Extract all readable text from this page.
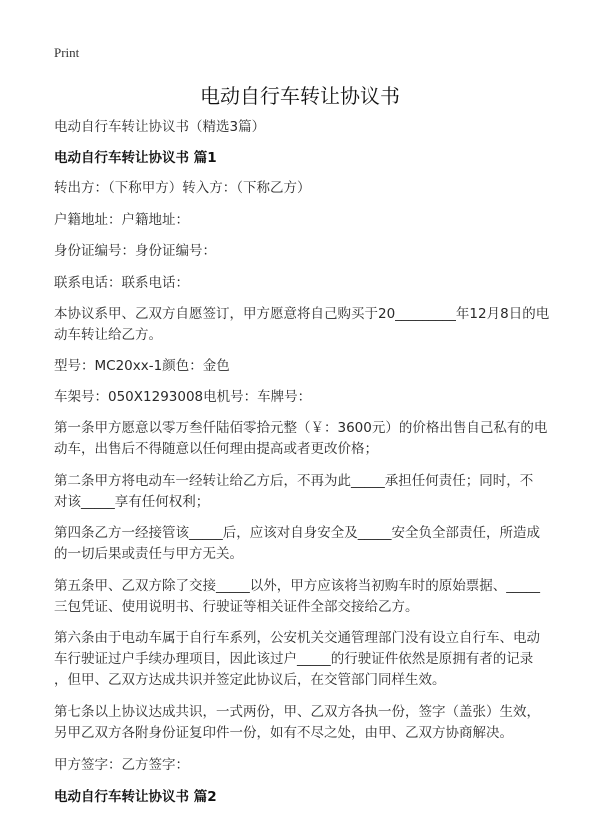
Print
电动自行车转让协议书
电动自行车转让协议书（精选3篇）
电动自行车转让协议书 篇1
转出方：（下称甲方）转入方：（下称乙方）
户籍地址：户籍地址：
身份证编号：身份证编号：
联系电话：联系电话：
本协议系甲、乙双方自愿签订，甲方愿意将自己购买于20_________年12月8日的电
动车转让给乙方。
型号：MC20xx-1颜色：金色
车架号：050X1293008电机号：车牌号：
第一条甲方愿意以零万叁仟陆佰零拾元整（￥：3600元）的价格出售自己私有的电
动车，出售后不得随意以任何理由提高或者更改价格；
第二条甲方将电动车一经转让给乙方后，不再为此_____承担任何责任；同时，不
对该_____享有任何权利；
第四条乙方一经接管该_____后，应该对自身安全及_____安全负全部责任，所造成
的一切后果或责任与甲方无关。
第五条甲、乙双方除了交接_____以外，甲方应该将当初购车时的原始票据、_____
三包凭证、使用说明书、行驶证等相关证件全部交接给乙方。
第六条由于电动车属于自行车系列，公安机关交通管理部门没有设立自行车、电动
车行驶证过户手续办理项目，因此该过户_____的行驶证件依然是原拥有者的记录
，但甲、乙双方达成共识并签定此协议后，在交管部门同样生效。
第七条以上协议达成共识，一式两份，甲、乙双方各执一份，签字（盖张）生效，
另甲乙双方各附身份证复印件一份，如有不尽之处，由甲、乙双方协商解决。
甲方签字：乙方签字：
电动自行车转让协议书 篇2
